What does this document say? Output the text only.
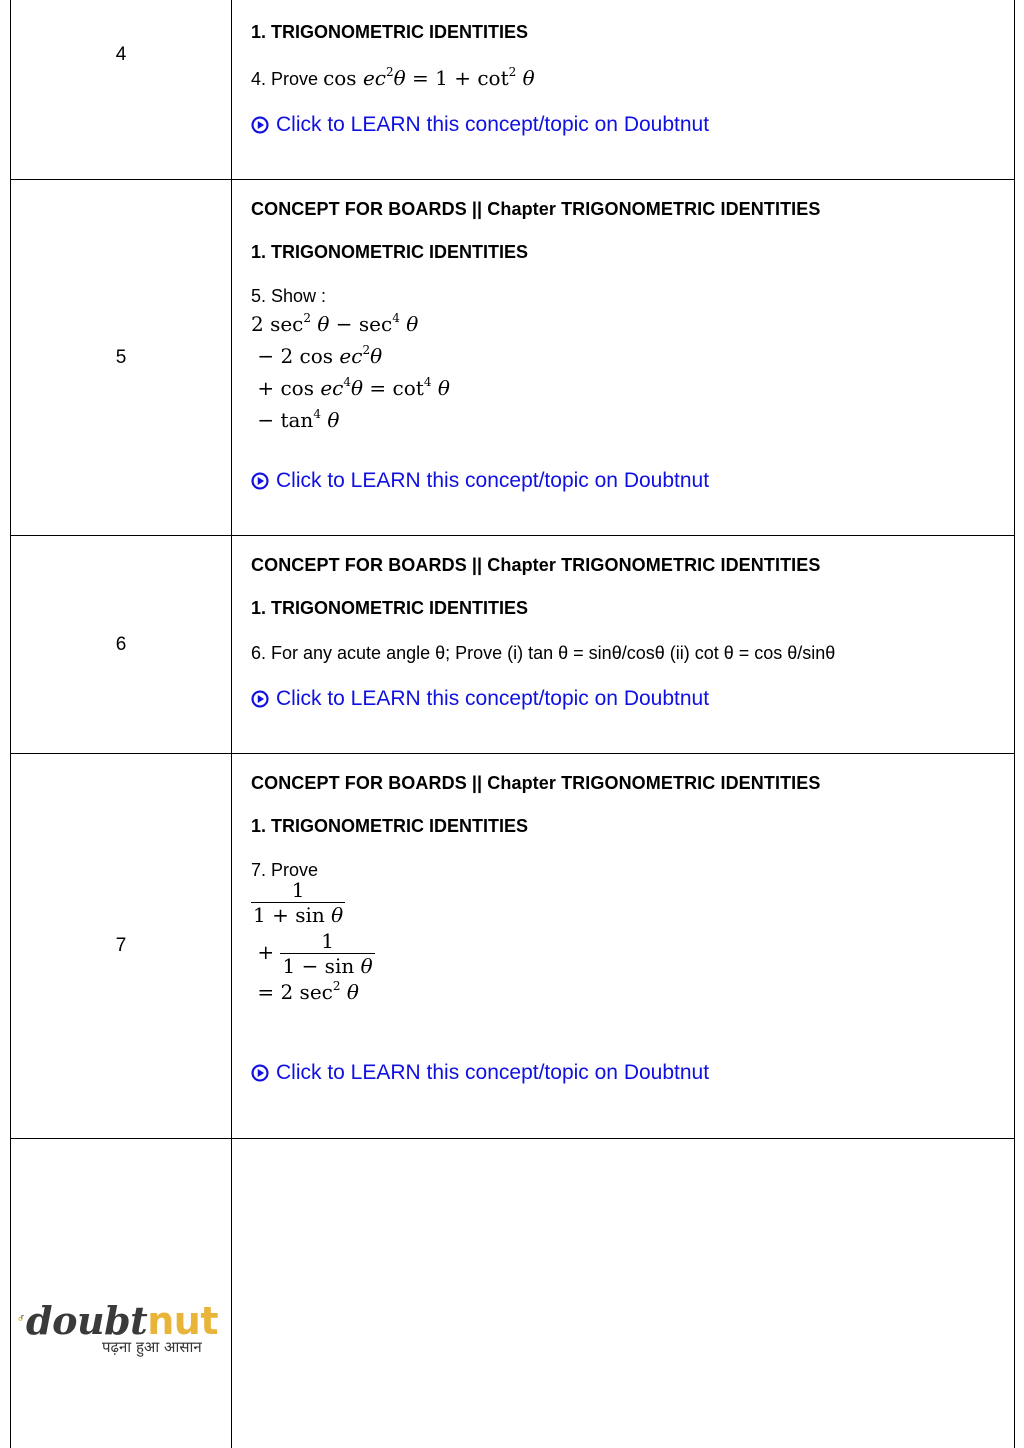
4
1. TRIGONOMETRIC IDENTITIES
4. Prove $\cos ec^2\theta = 1 + \cot^2 \theta$
Click to LEARN this concept/topic on Doubtnut
5
CONCEPT FOR BOARDS || Chapter TRIGONOMETRIC IDENTITIES
1. TRIGONOMETRIC IDENTITIES
5. Show :
2 $\sec^2 \theta - \sec^4 \theta$
− 2 $\cos ec^2\theta$
+ $\cos ec^4\theta = \cot^4 \theta$
− $\tan^4 \theta$
Click to LEARN this concept/topic on Doubtnut
6
CONCEPT FOR BOARDS || Chapter TRIGONOMETRIC IDENTITIES
1. TRIGONOMETRIC IDENTITIES
6. For any acute angle θ; Prove (i) tan θ = sinθ/cosθ (ii) cot θ = cos θ/sinθ
Click to LEARN this concept/topic on Doubtnut
7
CONCEPT FOR BOARDS || Chapter TRIGONOMETRIC IDENTITIES
1. TRIGONOMETRIC IDENTITIES
7. Prove
$\frac{1}{\text{1 + sin θ}}$
+ $\frac{1}{\text{1 − sin θ}}$
= 2 $\sec^2 \theta$
Click to LEARN this concept/topic on Doubtnut
doubt nut
पढ़ना हुआ आसान
